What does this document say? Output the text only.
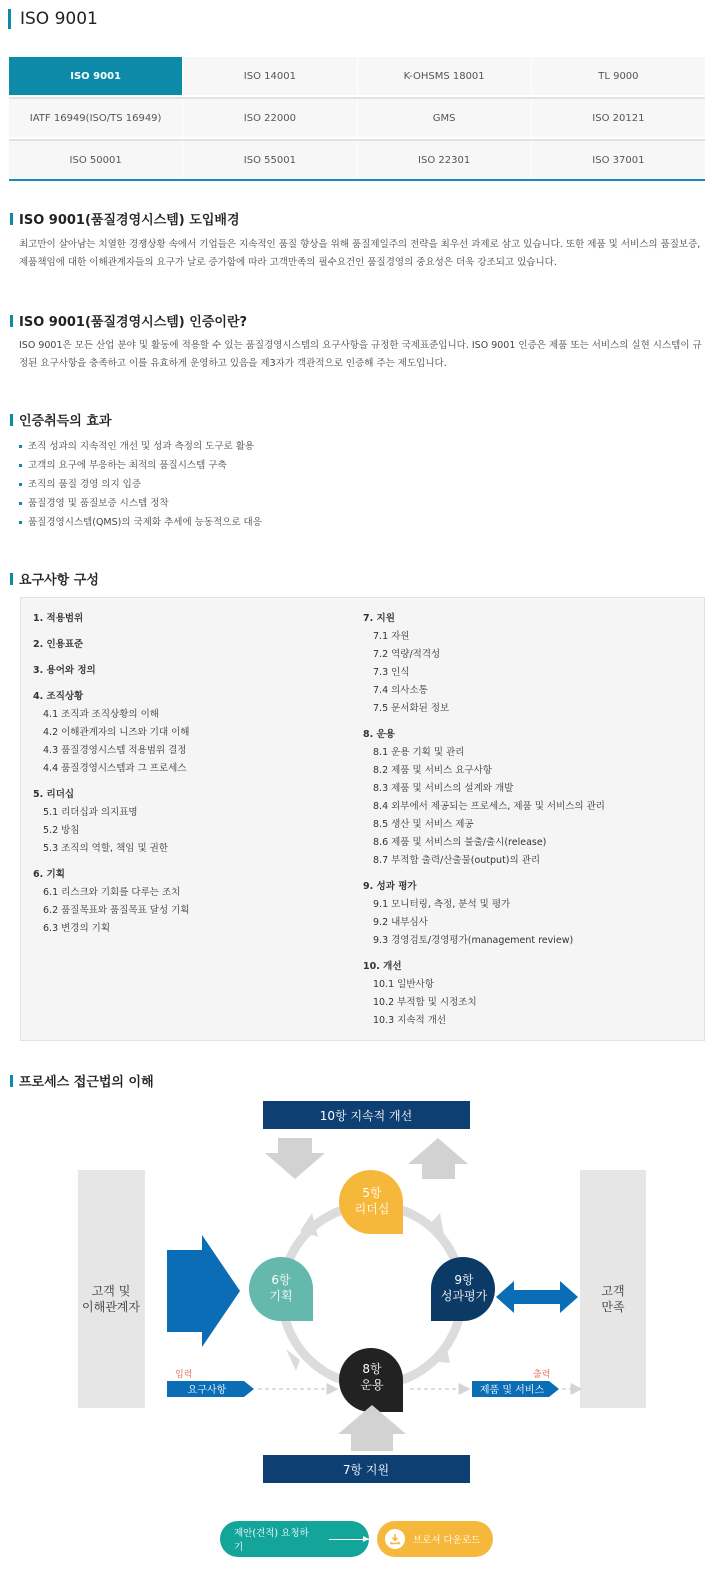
ISO 9001
ISO 9001	ISO 14001	K-OHSMS 18001	TL 9000
IATF 16949(ISO/TS 16949)	ISO 22000	GMS	ISO 20121
ISO 50001	ISO 55001	ISO 22301	ISO 37001
ISO 9001(품질경영시스템) 도입배경

최고만이 살아남는 치열한 경쟁상황 속에서 기업들은 지속적인 품질 향상을 위해 품질제일주의 전략을 최우선 과제로 삼고 있습니다. 또한 제품 및 서비스의 품질보증, 제품책임에 대한 이해관계자들의 요구가 날로 증가함에 따라 고객만족의 필수요건인 품질경영의 중요성은 더욱 강조되고 있습니다.

ISO 9001(품질경영시스템) 인증이란?

ISO 9001은 모든 산업 분야 및 활동에 적용할 수 있는 품질경영시스템의 요구사항을 규정한 국제표준입니다. ISO 9001 인증은 제품 또는 서비스의 실현 시스템이 규정된 요구사항을 충족하고 이를 유효하게 운영하고 있음을 제3자가 객관적으로 인증해 주는 제도입니다.

인증취득의 효과
조직 성과의 지속적인 개선 및 성과 측정의 도구로 활용
고객의 요구에 부응하는 최적의 품질시스템 구축
조직의 품질 경영 의지 입증
품질경영 및 품질보증 시스템 정착
품질경영시스템(QMS)의 국제화 추세에 능동적으로 대응
요구사항 구성
1. 적용범위
2. 인용표준
3. 용어와 정의
4. 조직상황
4.1 조직과 조직상황의 이해
4.2 이해관계자의 니즈와 기대 이해
4.3 품질경영시스템 적용범위 결정
4.4 품질경영시스템과 그 프로세스
5. 리더십
5.1 리더십과 의지표명
5.2 방침
5.3 조직의 역할, 책임 및 권한
6. 기획
6.1 리스크와 기회를 다루는 조치
6.2 품질목표와 품질목표 달성 기획
6.3 변경의 기획
7. 지원
7.1 자원
7.2 역량/적격성
7.3 인식
7.4 의사소통
7.5 문서화된 정보
8. 운용
8.1 운용 기획 및 관리
8.2 제품 및 서비스 요구사항
8.3 제품 및 서비스의 설계와 개발
8.4 외부에서 제공되는 프로세스, 제품 및 서비스의 관리
8.5 생산 및 서비스 제공
8.6 제품 및 서비스의 불출/출시(release)
8.7 부적합 출력/산출물(output)의 관리
9. 성과 평가
9.1 모니터링, 측정, 분석 및 평가
9.2 내부심사
9.3 경영검토/경영평가(management review)
10. 개선
10.1 일반사항
10.2 부적합 및 시정조치
10.3 지속적 개선
프로세스 접근법의 이해
10항 지속적 개선
고객 및
이해관계자
고객
만족
5항
리더십
6항
기획
9항
성과평가
8항
운용
입력
요구사항
출력
제품 및 서비스
7항 지원
제안(견적) 요청하기
브로셔 다운로드
